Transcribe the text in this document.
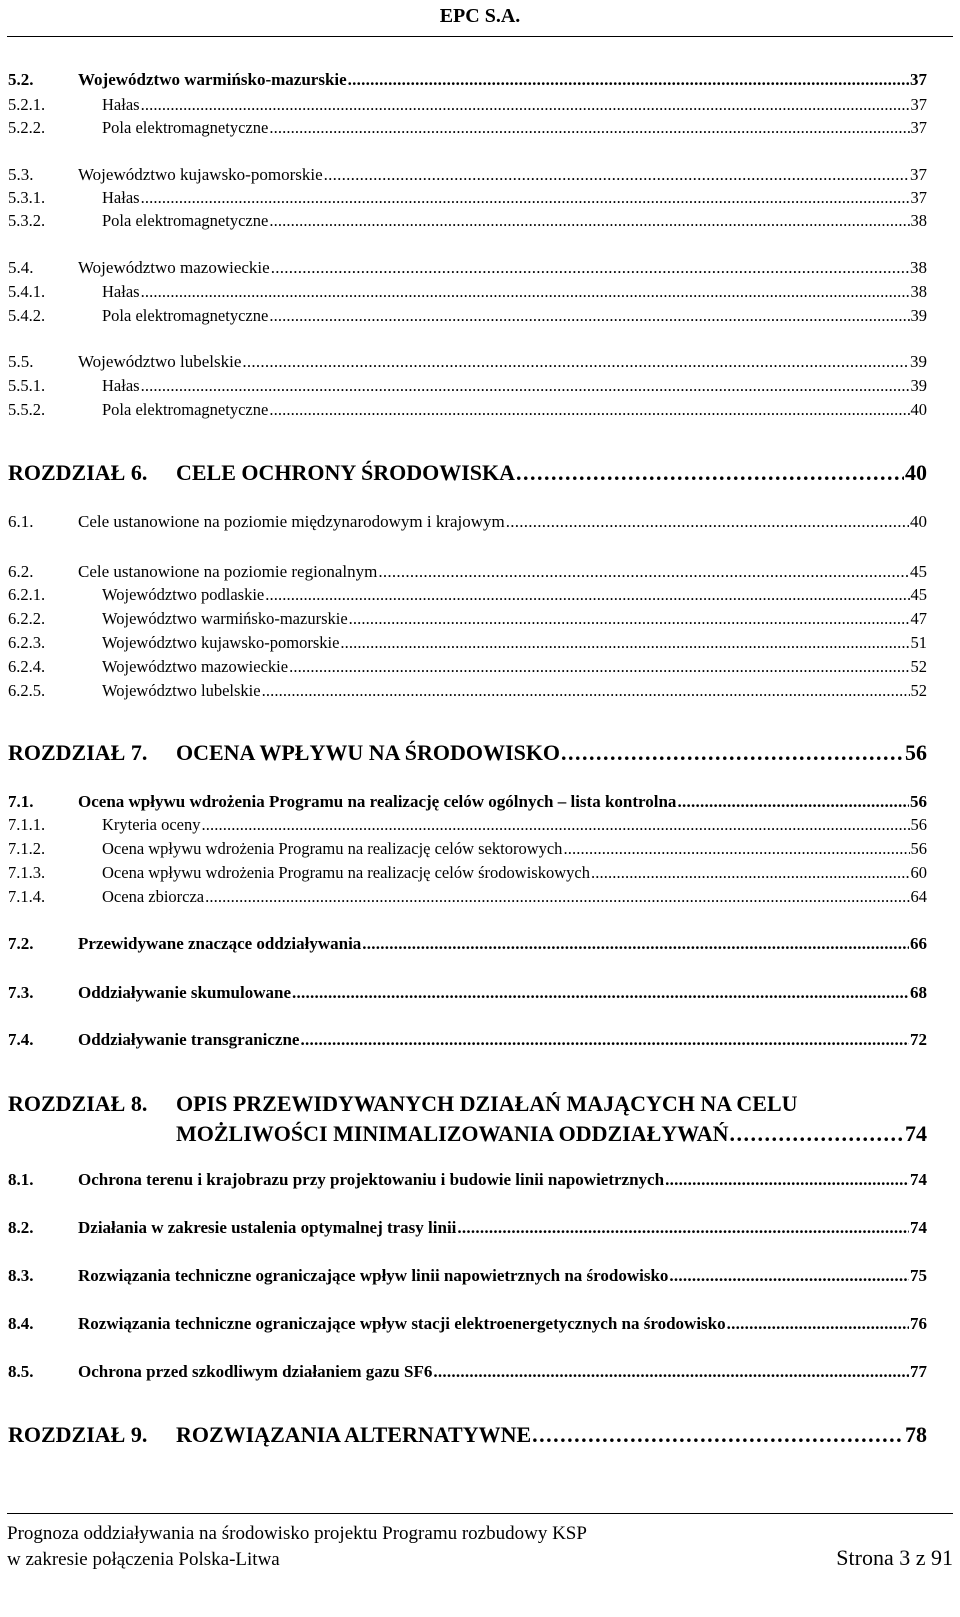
EPC S.A.
5.2.	Województwo warmińsko-mazurskie . . .	37
5.2.1.	Hałas . . .	37
5.2.2.	Pola elektromagnetyczne . . .	37
5.3.	Województwo kujawsko-pomorskie . . .	37
5.3.1.	Hałas . . .	37
5.3.2.	Pola elektromagnetyczne . . .	38
5.4.	Województwo mazowieckie . . .	38
5.4.1.	Hałas . . .	38
5.4.2.	Pola elektromagnetyczne . . .	39
5.5.	Województwo lubelskie . . .	39
5.5.1.	Hałas . . .	39
5.5.2.	Pola elektromagnetyczne . . .	40
ROZDZIAŁ 6.	CELE OCHRONY ŚRODOWISKA . . .	40
6.1.	Cele ustanowione na poziomie międzynarodowym i krajowym . . .	40
6.2.	Cele ustanowione na poziomie regionalnym . . .	45
6.2.1.	Województwo podlaskie . . .	45
6.2.2.	Województwo warmińsko-mazurskie . . .	47
6.2.3.	Województwo kujawsko-pomorskie . . .	51
6.2.4.	Województwo mazowieckie . . .	52
6.2.5.	Województwo lubelskie . . .	52
ROZDZIAŁ 7.	OCENA WPŁYWU NA ŚRODOWISKO . . .	56
7.1.	Ocena wpływu wdrożenia Programu na realizację celów ogólnych – lista kontrolna . . .	56
7.1.1.	Kryteria oceny . . .	56
7.1.2.	Ocena wpływu wdrożenia Programu na realizację celów sektorowych . . .	56
7.1.3.	Ocena wpływu wdrożenia Programu na realizację celów środowiskowych . . .	60
7.1.4.	Ocena zbiorcza . . .	64
7.2.	Przewidywane znaczące oddziaływania . . .	66
7.3.	Oddziaływanie skumulowane . . .	68
7.4.	Oddziaływanie transgraniczne . . .	72
ROZDZIAŁ 8.	OPIS PRZEWIDYWANYCH DZIAŁAŃ MAJĄCYCH NA CELU
MOŻLIWOŚCI MINIMALIZOWANIA ODDZIAŁYWAŃ . . .	74
8.1.	Ochrona terenu i krajobrazu przy projektowaniu i budowie linii napowietrznych . . .	74
8.2.	Działania w zakresie ustalenia optymalnej trasy linii . . .	74
8.3.	Rozwiązania techniczne ograniczające wpływ linii napowietrznych na środowisko . . .	75
8.4.	Rozwiązania techniczne ograniczające wpływ stacji elektroenergetycznych na środowisko . . .	76
8.5.	Ochrona przed szkodliwym działaniem gazu SF6 . . .	77
ROZDZIAŁ 9.	ROZWIĄZANIA ALTERNATYWNE . . .	78
Prognoza oddziaływania na środowisko projektu Programu rozbudowy KSP
w zakresie połączenia Polska-Litwa	Strona 3 z 91
